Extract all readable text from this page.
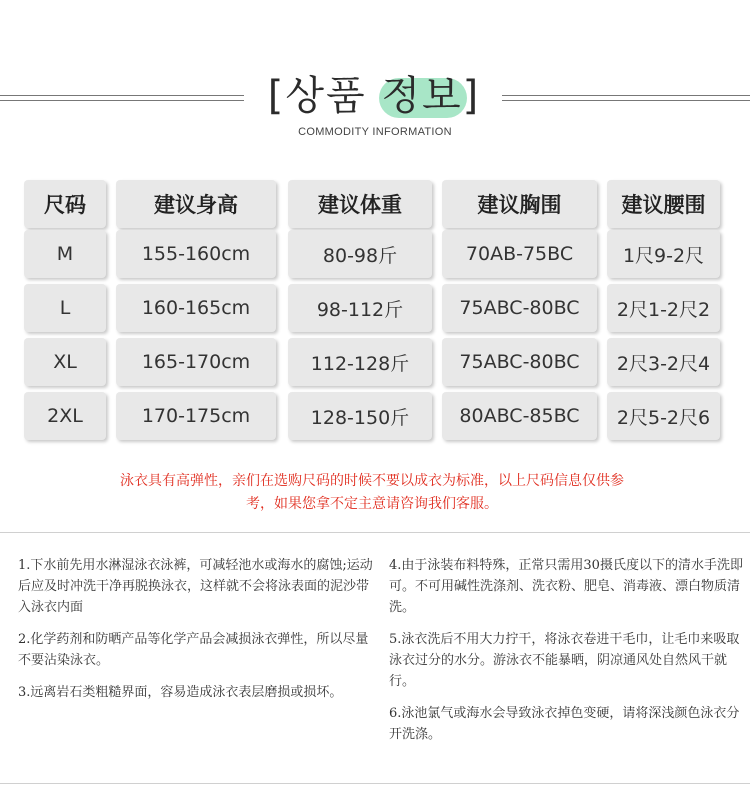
[상품 정보]
COMMODITY INFORMATION
尺码	建议身高	建议体重	建议胸围	建议腰围
M	155-160cm	80-98斤	70AB-75BC	1尺9-2尺
L	160-165cm	98-112斤	75ABC-80BC	2尺1-2尺2
XL	165-170cm	112-128斤	75ABC-80BC	2尺3-2尺4
2XL	170-175cm	128-150斤	80ABC-85BC	2尺5-2尺6
泳衣具有高弹性，亲们在选购尺码的时候不要以成衣为标准，以上尺码信息仅供参
考，如果您拿不定主意请咨询我们客服。

1.下水前先用水淋湿泳衣泳裤，可减轻池水或海水的腐蚀;运动后应及时冲洗干净再脱换泳衣，这样就不会将泳表面的泥沙带入泳衣内面

2.化学药剂和防晒产品等化学产品会减损泳衣弹性，所以尽量不要沾染泳衣。

3.远离岩石类粗糙界面，容易造成泳衣表层磨损或损坏。

4.由于泳装布料特殊，正常只需用30摄氏度以下的清水手洗即可。不可用碱性洗涤剂、洗衣粉、肥皂、消毒液、漂白物质清洗。

5.泳衣洗后不用大力拧干，将泳衣卷进干毛巾，让毛巾来吸取泳衣过分的水分。游泳衣不能暴晒，阴凉通风处自然风干就行。

6.泳池氯气或海水会导致泳衣掉色变硬，请将深浅颜色泳衣分开洗涤。
